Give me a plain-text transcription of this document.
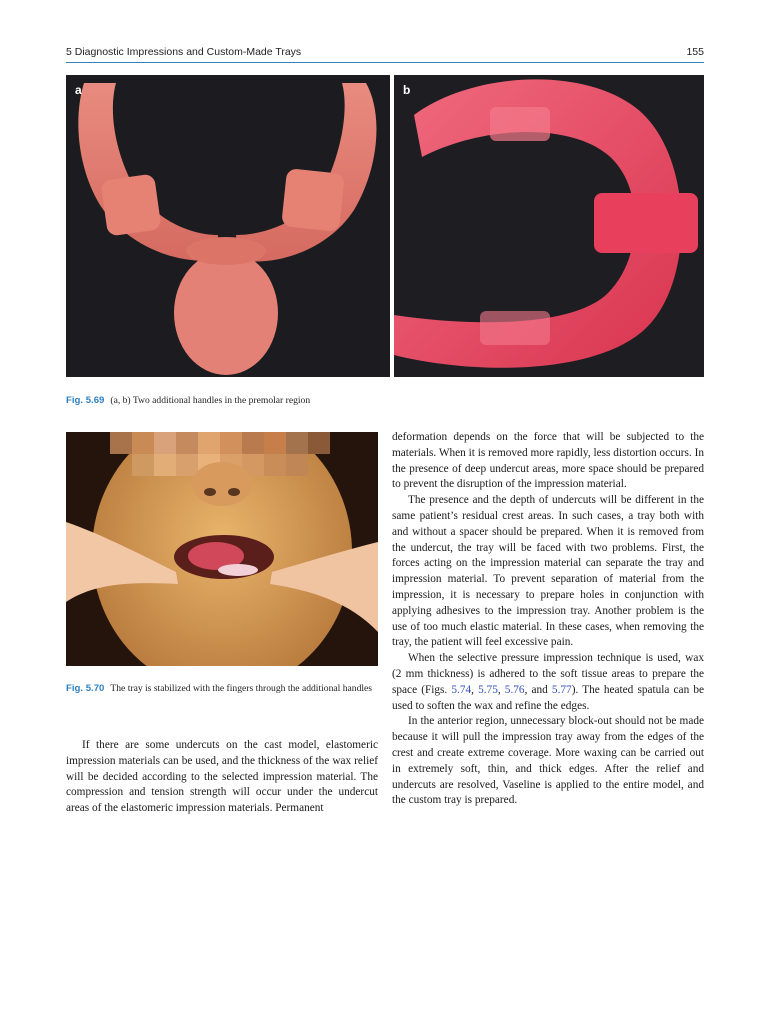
5 Diagnostic Impressions and Custom-Made Trays	155
a	b
Fig. 5.69 (a, b) Two additional handles in the premolar region
Fig. 5.70 The tray is stabilized with the fingers through the additional handles

If there are some undercuts on the cast model, elastomeric impression materials can be used, and the thickness of the wax relief will be decided according to the selected impression material. The compression and tension strength will occur under the undercut areas of the elastomeric impression materials. Permanent

deformation depends on the force that will be subjected to the materials. When it is removed more rapidly, less distortion occurs. In the presence of deep undercut areas, more space should be prepared to prevent the disruption of the impression material.

The presence and the depth of undercuts will be different in the same patient’s residual crest areas. In such cases, a tray both with and without a spacer should be prepared. When it is removed from the undercut, the tray will be faced with two problems. First, the forces acting on the impression material can separate the tray and impression material. To prevent separation of material from the impression, it is necessary to prepare holes in conjunction with applying adhesives to the impression tray. Another problem is the use of too much elastic material. In these cases, when removing the tray, the patient will feel excessive pain.

When the selective pressure impression technique is used, wax (2 mm thickness) is adhered to the soft tissue areas to prepare the space (Figs. 5.74, 5.75, 5.76, and 5.77). The heated spatula can be used to soften the wax and refine the edges.

In the anterior region, unnecessary block-out should not be made because it will pull the impression tray away from the edges of the crest and create extreme coverage. More waxing can be carried out in extremely soft, thin, and thick edges. After the relief and undercuts are resolved, Vaseline is applied to the entire model, and the custom tray is prepared.
